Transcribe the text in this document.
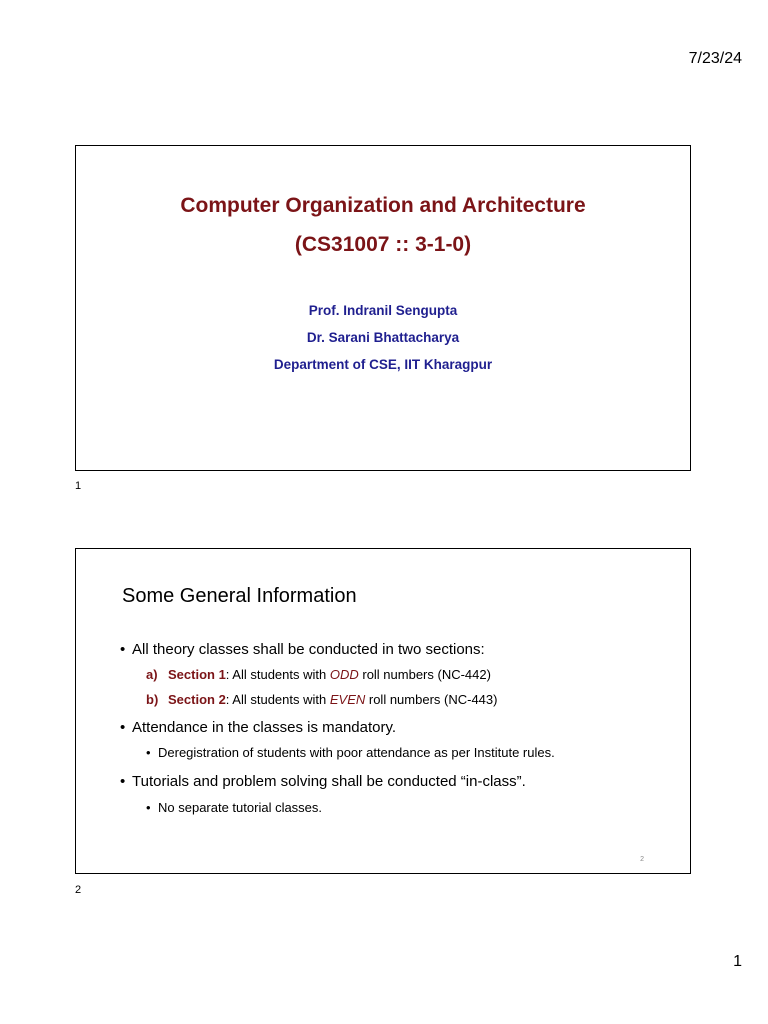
7/23/24
Computer Organization and Architecture
(CS31007 :: 3-1-0)
Prof. Indranil Sengupta
Dr. Sarani Bhattacharya
Department of CSE, IIT Kharagpur
1
Some General Information
• All theory classes shall be conducted in two sections:
a) Section 1: All students with ODD roll numbers (NC-442)
b) Section 2: All students with EVEN roll numbers (NC-443)
• Attendance in the classes is mandatory.
• Deregistration of students with poor attendance as per Institute rules.
• Tutorials and problem solving shall be conducted “in-class”.
• No separate tutorial classes.
2
2
1
